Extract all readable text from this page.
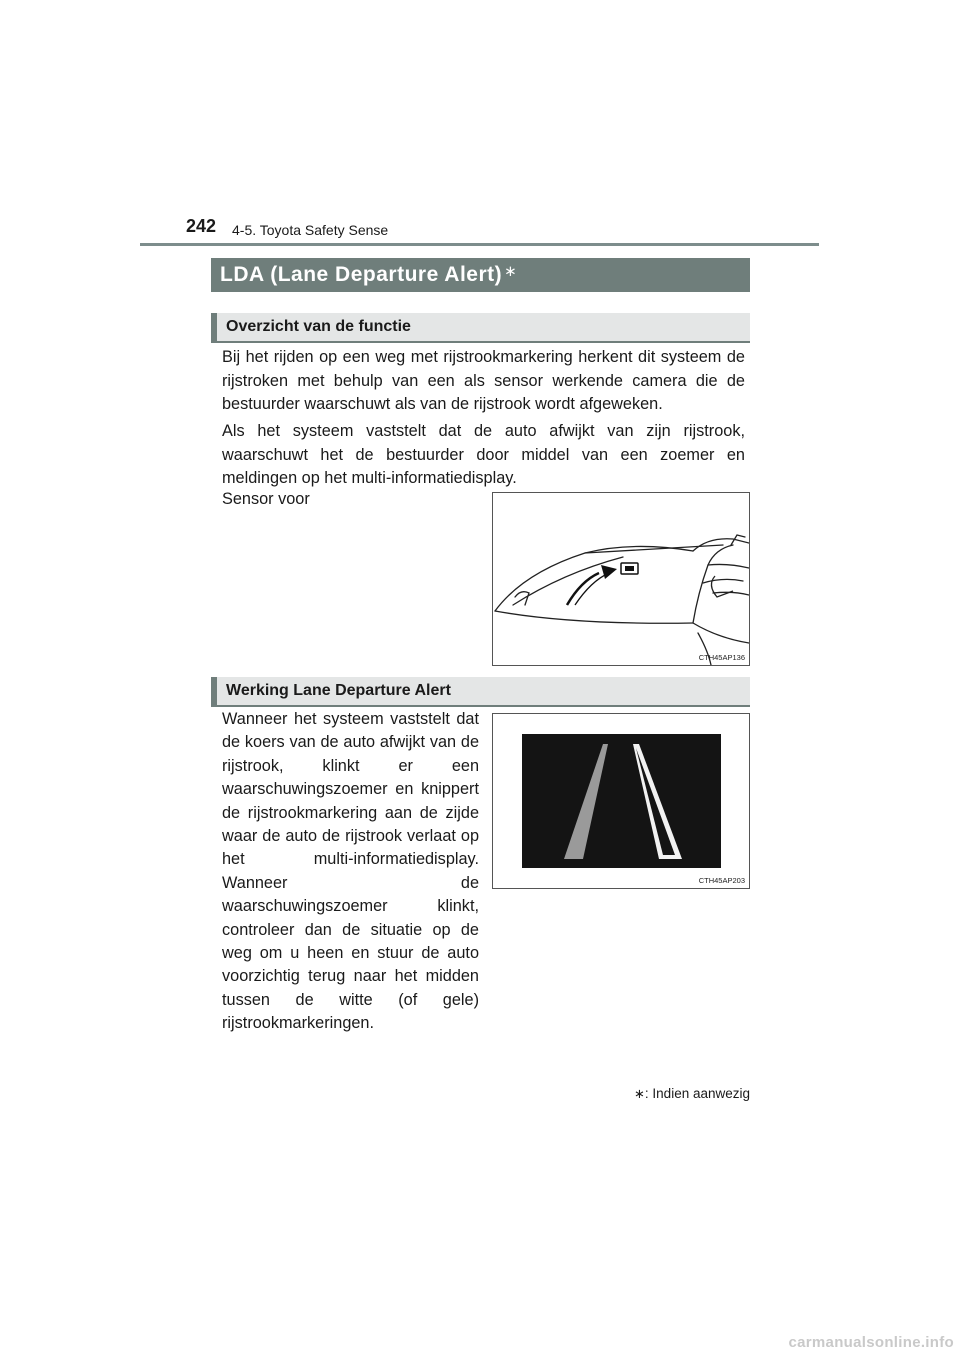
242 4-5. Toyota Safety Sense
LDA (Lane Departure Alert)∗
Overzicht van de functie
Bij het rijden op een weg met rijstrookmarkering herkent dit systeem de rijstroken met behulp van een als sensor werkende camera die de bestuurder waarschuwt als van de rijstrook wordt afgeweken.
Als het systeem vaststelt dat de auto afwijkt van zijn rijstrook, waarschuwt het de bestuurder door middel van een zoemer en meldingen op het multi-informatiedisplay.
Sensor voor
CTH45AP136
Werking Lane Departure Alert
Wanneer het systeem vaststelt dat de koers van de auto afwijkt van de rijstrook, klinkt er een waarschuwingszoemer en knippert de rijstrookmarkering aan de zijde waar de auto de rijstrook verlaat op het multi-informatiedisplay. Wanneer de waarschuwingszoemer klinkt, controleer dan de situatie op de weg om u heen en stuur de auto voorzichtig terug naar het midden tussen de witte (of gele) rijstrookmarkeringen.
CTH45AP203
∗: Indien aanwezig
carmanualsonline.info
